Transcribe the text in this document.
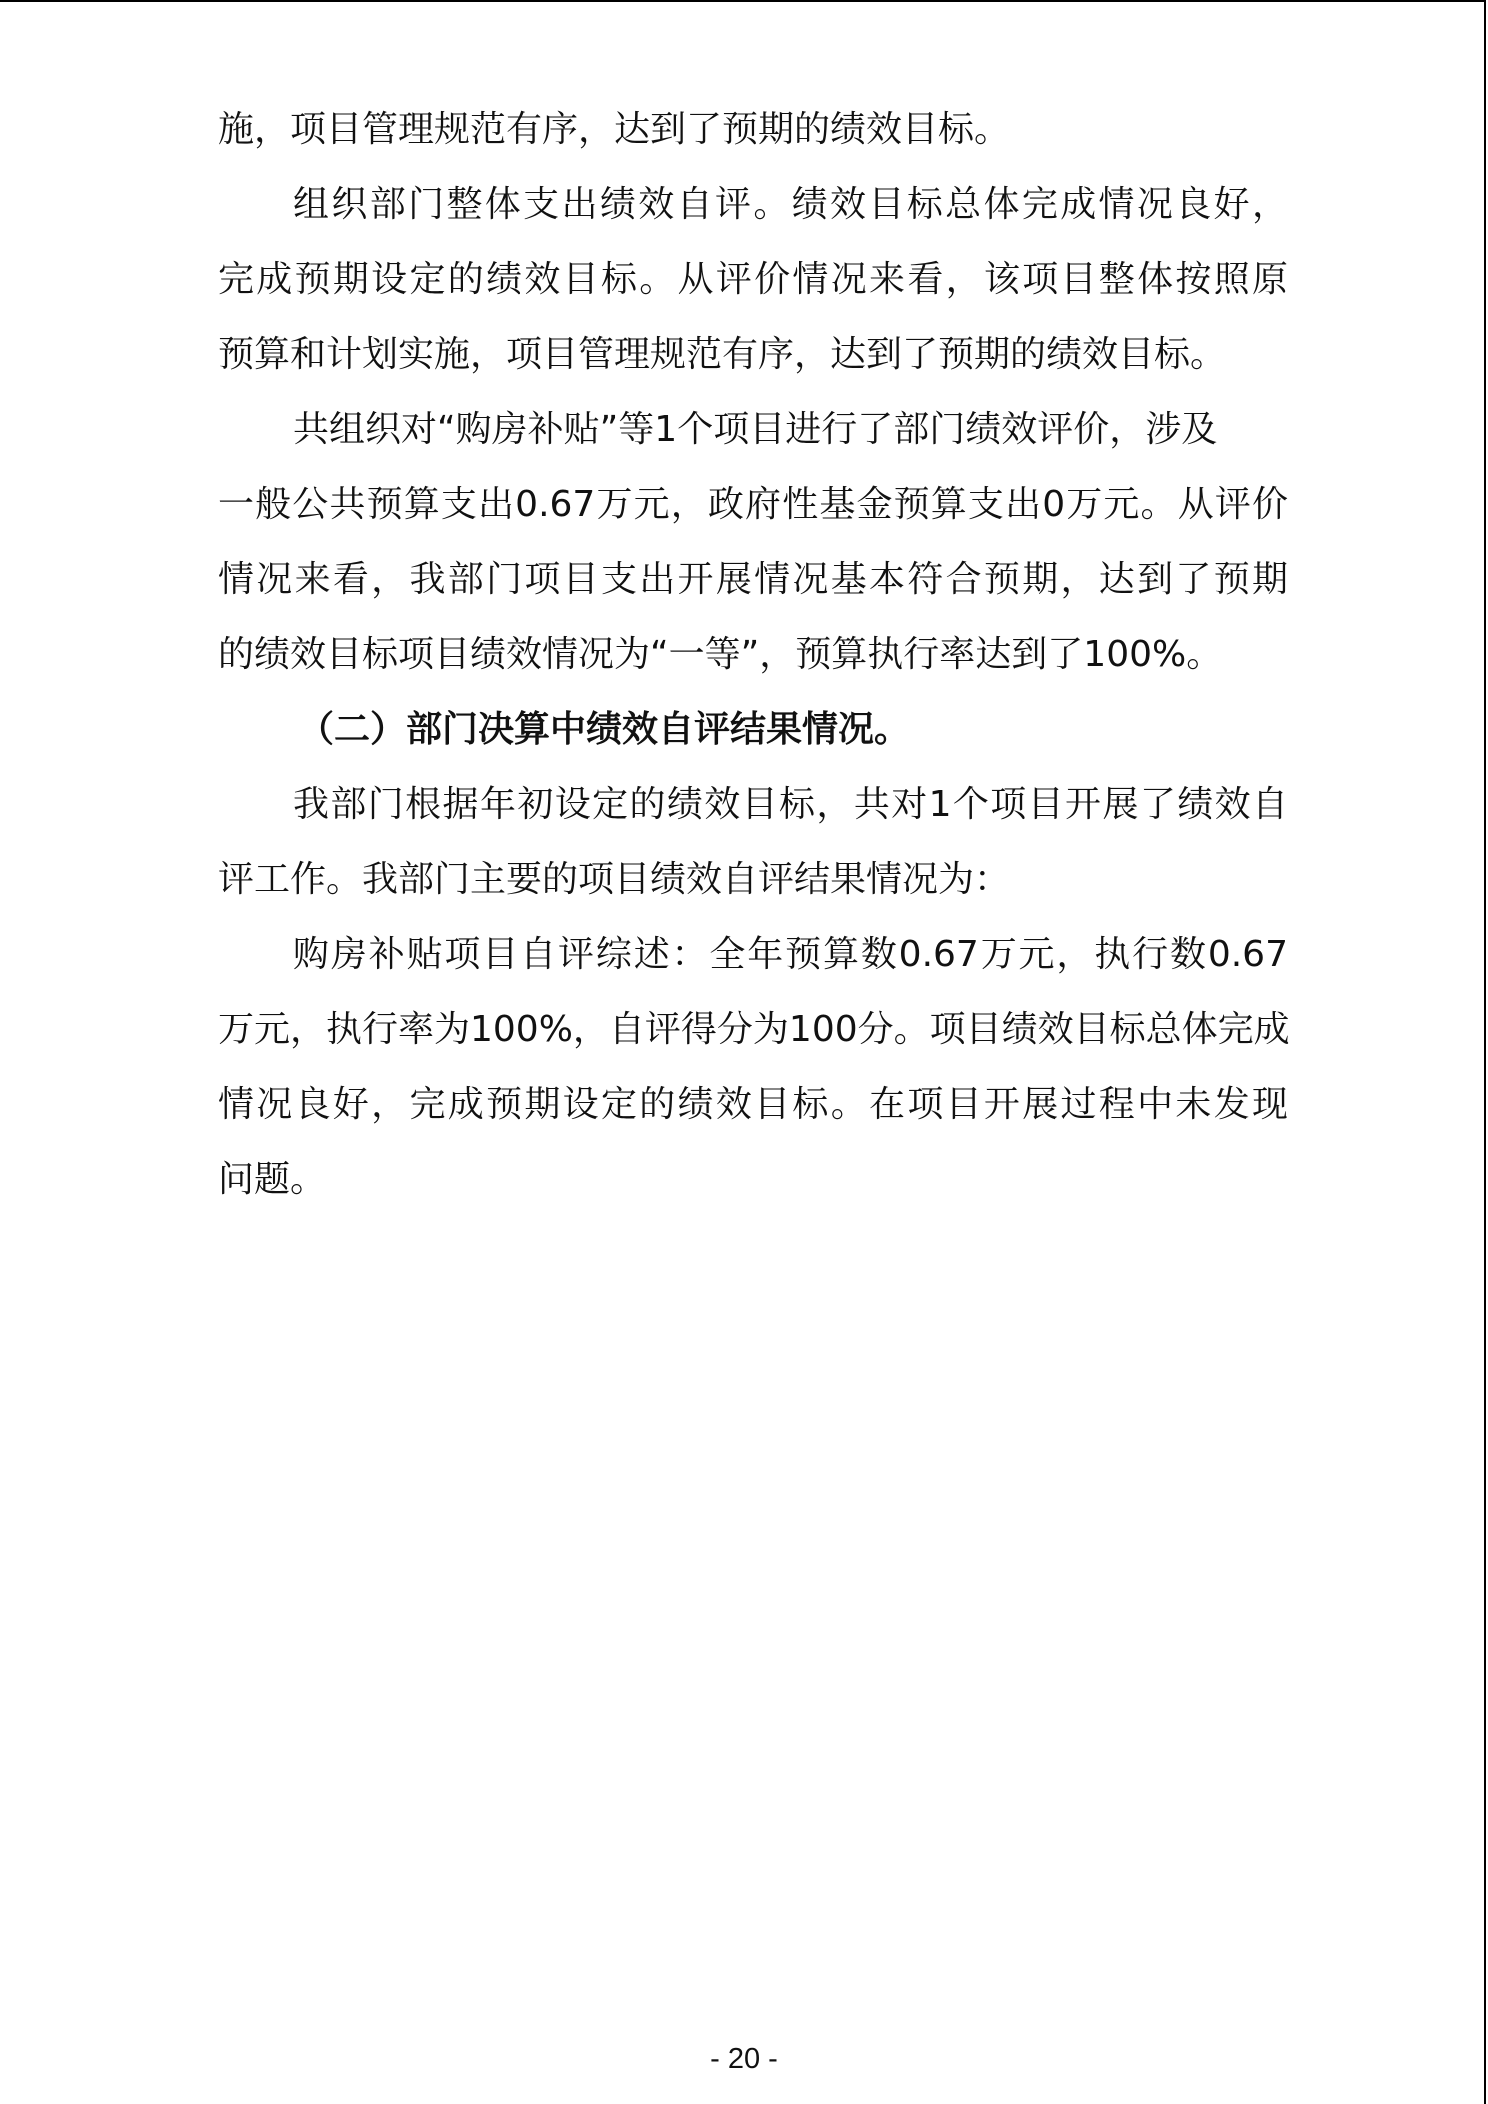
施，项目管理规范有序，达到了预期的绩效目标。
组织部门整体支出绩效自评。绩效目标总体完成情况良好，
完成预期设定的绩效目标。从评价情况来看，该项目整体按照原
预算和计划实施，项目管理规范有序，达到了预期的绩效目标。
共组织对“购房补贴”等1个项目进行了部门绩效评价，涉及
一般公共预算支出0.67万元，政府性基金预算支出0万元。从评价
情况来看，我部门项目支出开展情况基本符合预期，达到了预期
的绩效目标项目绩效情况为“一等”，预算执行率达到了100%。
（二）部门决算中绩效自评结果情况。
我部门根据年初设定的绩效目标，共对1个项目开展了绩效自
评工作。我部门主要的项目绩效自评结果情况为：
购房补贴项目自评综述：全年预算数0.67万元，执行数0.67
万元，执行率为100%，自评得分为100分。项目绩效目标总体完成
情况良好，完成预期设定的绩效目标。在项目开展过程中未发现
问题。
- 20 -
